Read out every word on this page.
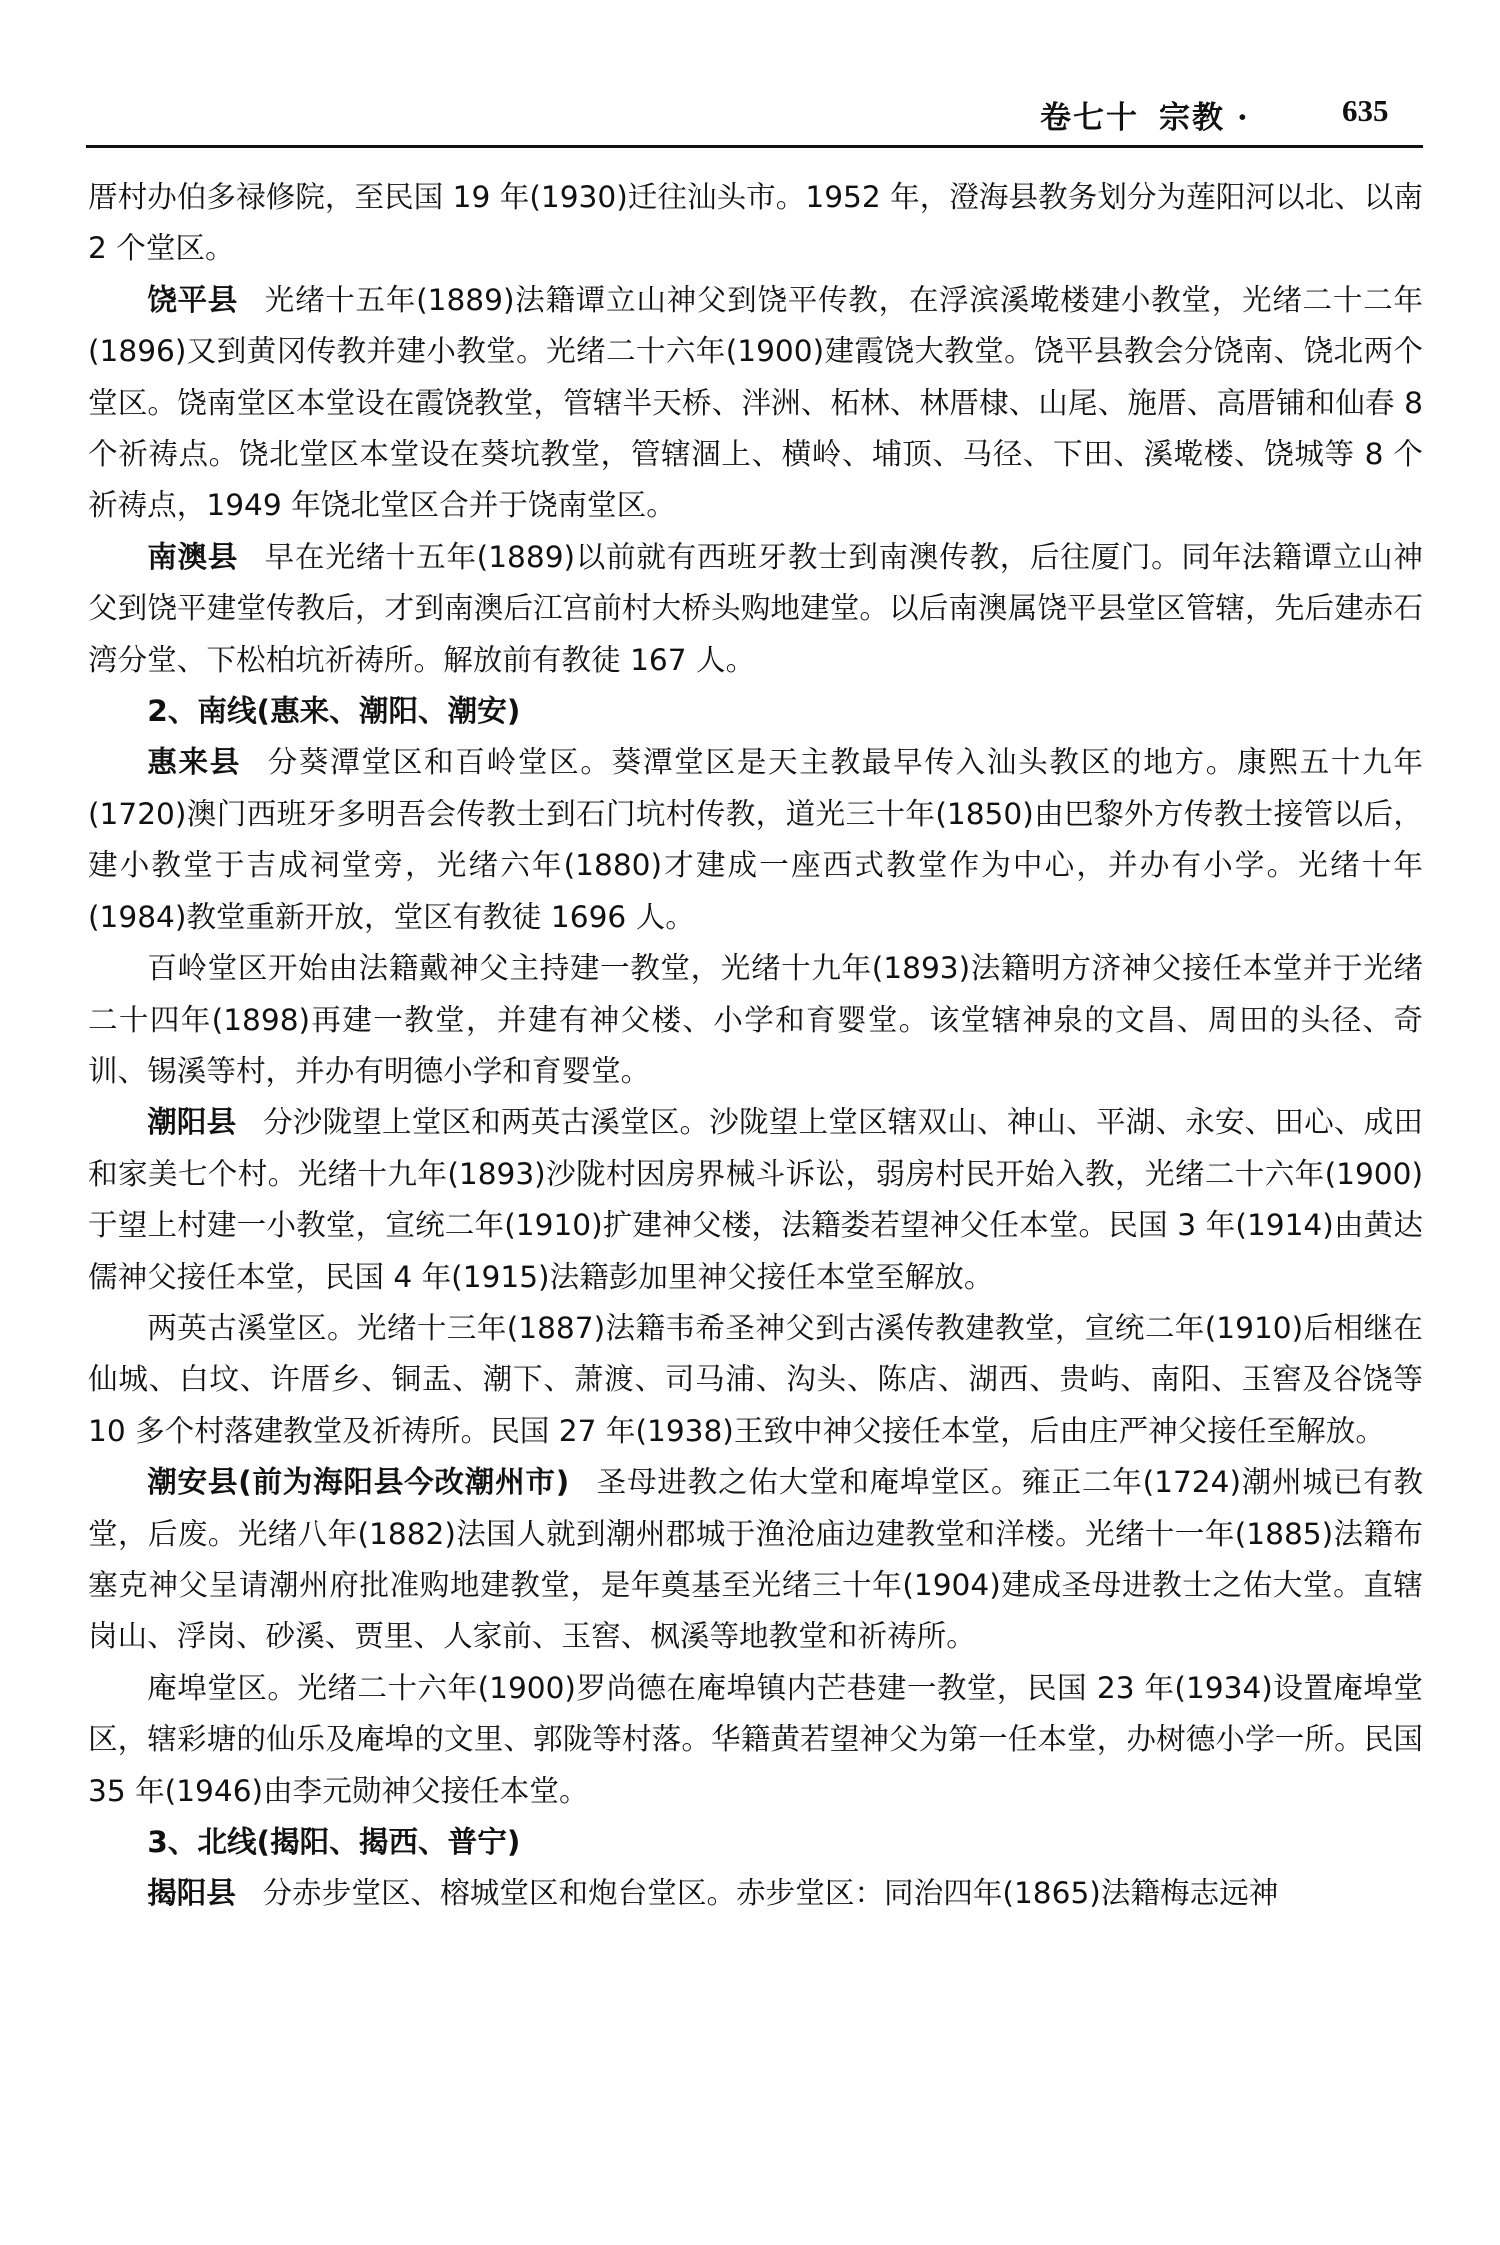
卷七十 宗教 ·	635

厝村办伯多禄修院，至民国 19 年(1930)迁往汕头市。1952 年，澄海县教务划分为莲阳河以北、以南 2 个堂区。

饶平县 光绪十五年(1889)法籍谭立山神父到饶平传教，在浮滨溪墘楼建小教堂，光绪二十二年(1896)又到黄冈传教并建小教堂。光绪二十六年(1900)建霞饶大教堂。饶平县教会分饶南、饶北两个堂区。饶南堂区本堂设在霞饶教堂，管辖半天桥、泮洲、柘林、林厝棣、山尾、施厝、高厝铺和仙春 8 个祈祷点。饶北堂区本堂设在葵坑教堂，管辖涸上、横岭、埔顶、马径、下田、溪墘楼、饶城等 8 个祈祷点，1949 年饶北堂区合并于饶南堂区。

南澳县 早在光绪十五年(1889)以前就有西班牙教士到南澳传教，后往厦门。同年法籍谭立山神父到饶平建堂传教后，才到南澳后江宫前村大桥头购地建堂。以后南澳属饶平县堂区管辖，先后建赤石湾分堂、下松柏坑祈祷所。解放前有教徒 167 人。

2、南线(惠来、潮阳、潮安)

惠来县 分葵潭堂区和百岭堂区。葵潭堂区是天主教最早传入汕头教区的地方。康熙五十九年(1720)澳门西班牙多明吾会传教士到石门坑村传教，道光三十年(1850)由巴黎外方传教士接管以后，建小教堂于吉成祠堂旁，光绪六年(1880)才建成一座西式教堂作为中心，并办有小学。光绪十年(1984)教堂重新开放，堂区有教徒 1696 人。

百岭堂区开始由法籍戴神父主持建一教堂，光绪十九年(1893)法籍明方济神父接任本堂并于光绪二十四年(1898)再建一教堂，并建有神父楼、小学和育婴堂。该堂辖神泉的文昌、周田的头径、奇训、锡溪等村，并办有明德小学和育婴堂。

潮阳县 分沙陇望上堂区和两英古溪堂区。沙陇望上堂区辖双山、神山、平湖、永安、田心、成田和家美七个村。光绪十九年(1893)沙陇村因房界械斗诉讼，弱房村民开始入教，光绪二十六年(1900)于望上村建一小教堂，宣统二年(1910)扩建神父楼，法籍娄若望神父任本堂。民国 3 年(1914)由黄达儒神父接任本堂，民国 4 年(1915)法籍彭加里神父接任本堂至解放。

两英古溪堂区。光绪十三年(1887)法籍韦希圣神父到古溪传教建教堂，宣统二年(1910)后相继在仙城、白坟、许厝乡、铜盂、潮下、萧渡、司马浦、沟头、陈店、湖西、贵屿、南阳、玉窖及谷饶等 10 多个村落建教堂及祈祷所。民国 27 年(1938)王致中神父接任本堂，后由庄严神父接任至解放。

潮安县(前为海阳县今改潮州市) 圣母进教之佑大堂和庵埠堂区。雍正二年(1724)潮州城已有教堂，后废。光绪八年(1882)法国人就到潮州郡城于渔沧庙边建教堂和洋楼。光绪十一年(1885)法籍布塞克神父呈请潮州府批准购地建教堂，是年奠基至光绪三十年(1904)建成圣母进教士之佑大堂。直辖岗山、浮岗、砂溪、贾里、人家前、玉窖、枫溪等地教堂和祈祷所。

庵埠堂区。光绪二十六年(1900)罗尚德在庵埠镇内芒巷建一教堂，民国 23 年(1934)设置庵埠堂区，辖彩塘的仙乐及庵埠的文里、郭陇等村落。华籍黄若望神父为第一任本堂，办树德小学一所。民国 35 年(1946)由李元勋神父接任本堂。

3、北线(揭阳、揭西、普宁)

揭阳县 分赤步堂区、榕城堂区和炮台堂区。赤步堂区：同治四年(1865)法籍梅志远神
